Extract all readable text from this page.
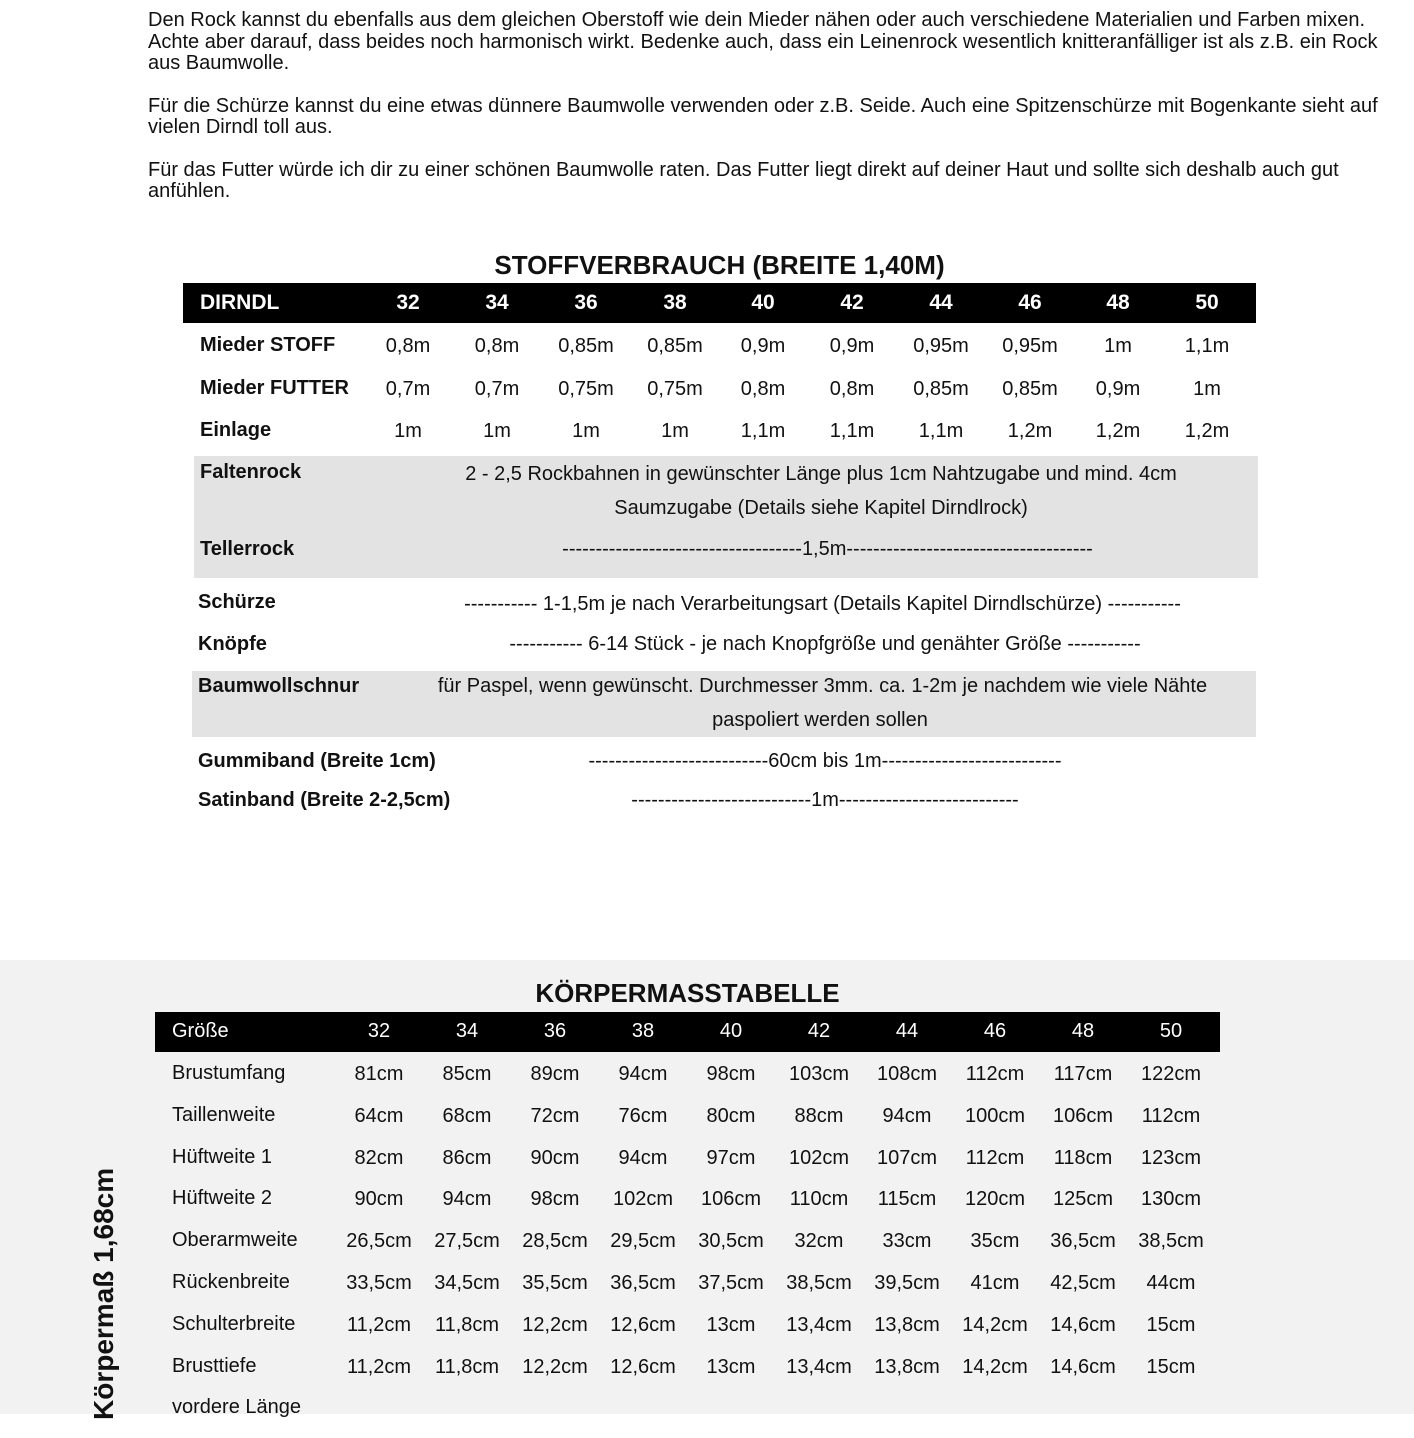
Den Rock kannst du ebenfalls aus dem gleichen Oberstoff wie dein Mieder nähen oder auch verschiedene Materialien und Farben mixen. Achte aber darauf, dass beides noch harmonisch wirkt. Bedenke auch, dass ein Leinenrock wesentlich knitteranfälliger ist als z.B. ein Rock aus Baumwolle.

Für die Schürze kannst du eine etwas dünnere Baumwolle verwenden oder z.B. Seide. Auch eine Spitzenschürze mit Bogenkante sieht auf vielen Dirndl toll aus.

Für das Futter würde ich dir zu einer schönen Baumwolle raten. Das Futter liegt direkt auf deiner Haut und sollte sich deshalb auch gut anfühlen.

STOFFVERBRAUCH (BREITE 1,40M)
DIRNDL	32	34	36	38	40	42	44	46	48	50
Mieder STOFF	0,8m 0,8m 0,85m 0,85m 0,9m 0,9m 0,95m 0,95m 1m	1,1m
Mieder FUTTER 0,7m 0,7m 0,75m 0,75m 0,8m 0,8m 0,85m 0,85m 0,9m	1m
Einlage	1m	1m	1m	1m	1,1m 1,1m 1,1m 1,2m 1,2m 1,2m
Faltenrock	2 - 2,5 Rockbahnen in gewünschter Länge plus 1cm Nahtzugabe und mind. 4cm
Saumzugabe (Details siehe Kapitel Dirndlrock)
Tellerrock	------------------------------------1,5m-------------------------------------
Schürze	----------- 1-1,5m je nach Verarbeitungsart (Details Kapitel Dirndlschürze) -----------
Knöpfe	----------- 6-14 Stück - je nach Knopfgröße und genähter Größe -----------
Baumwollschnur	für Paspel, wenn gewünscht. Durchmesser 3mm. ca. 1-2m je nachdem wie viele Nähte
paspoliert werden sollen
Gummiband (Breite 1cm)	---------------------------60cm bis 1m---------------------------
Satinband (Breite 2-2,5cm)	---------------------------1m---------------------------
KÖRPERMASSTABELLE
Größe	32	34	36	38	40	42	44	46	48	50
Brustumfang	81cm 85cm 89cm 94cm 98cm 103cm 108cm 112cm 117cm 122cm
Taillenweite	64cm 68cm 72cm 76cm 80cm 88cm 94cm 100cm 106cm 112cm
Hüftweite 1	82cm 86cm 90cm 94cm 97cm 102cm 107cm 112cm 118cm 123cm
Hüftweite 2	90cm 94cm 98cm 102cm 106cm 110cm 115cm 120cm 125cm 130cm
Oberarmweite 26,5cm 27,5cm 28,5cm 29,5cm 30,5cm 32cm 33cm 35cm 36,5cm 38,5cm
Rückenbreite	33,5cm 34,5cm 35,5cm 36,5cm 37,5cm 38,5cm 39,5cm 41cm 42,5cm 44cm
Schulterbreite	11,2cm 11,8cm 12,2cm 12,6cm 13cm 13,4cm 13,8cm 14,2cm 14,6cm 15cm
Brusttiefe	11,2cm 11,8cm 12,2cm 12,6cm 13cm 13,4cm 13,8cm 14,2cm 14,6cm 15cm
vordere Länge
Körpermaß 1,68cm
